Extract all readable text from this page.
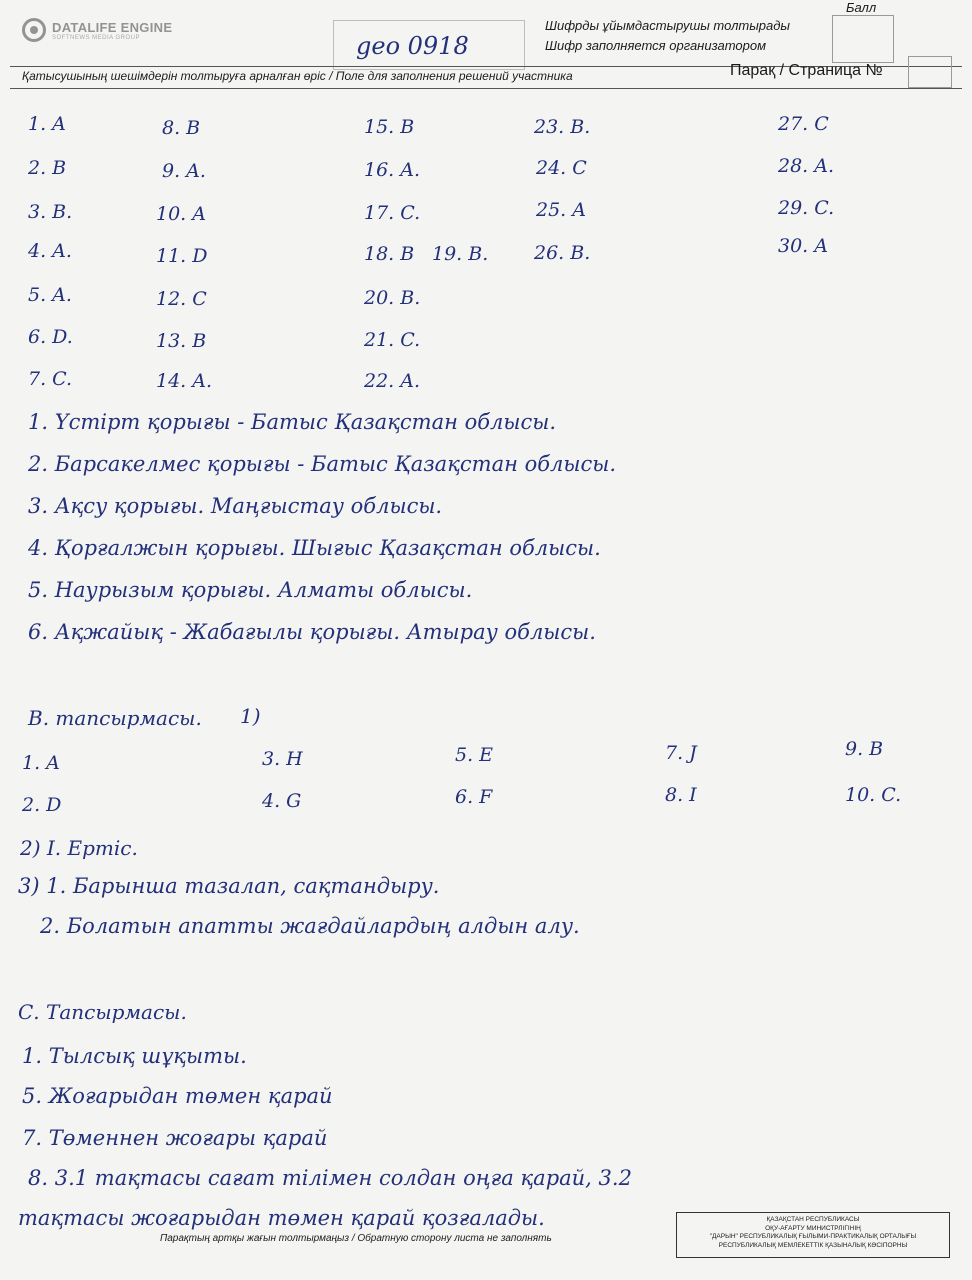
DATALIFE ENGINE
SOFTNEWS MEDIA GROUP	geo 0918
Шифрды ұйымдастырушы толтырады
Шифр заполняется организатором
Балл
Қатысушының шешімдерін толтыруға арналған өріс / Поле для заполнения решений участника	Парақ / Страница №
1. A
2. B
3. B.
4. A.
5. A.
6. D.
7. C.
8. B
9. A.
10. A
11. D
12. C
13. B
14. A.
15. B
16. A.
17. C.
18. B 19. B.
20. B.
21. C.
22. A.
23. B.
24. C
25. A
26. B.
27. C
28. A.
29. C.
30. A
1. Үстірт қорығы - Батыс Қазақстан облысы.
2. Барсакелмес қорығы - Батыс Қазақстан облысы.
3. Ақсу қорығы. Маңғыстау облысы.
4. Қорғалжын қорығы. Шығыс Қазақстан облысы.
5. Наурызым қорығы. Алматы облысы.
6. Ақжайық - Жабағылы қорығы. Атырау облысы.
В. тапсырмасы. 1)
1. A
2. D
3. H
4. G
5. E
6. F
7. J
8. I
9. B
10. C.
2) I. Ертіс.
3) 1. Барынша тазалап, сақтандыру.
2. Болатын апатты жағдайлардың алдын алу.
С. Тапсырмасы.
1. Тылсық шұқыты.
5. Жоғарыдан төмен қарай
7. Төменнен жоғары қарай
8. 3.1 тақтасы сағат тілімен солдан оңға қарай, 3.2
тақтасы жоғарыдан төмен қарай қозғалады.
Парақтың артқы жағын толтырмаңыз / Обратную сторону листа не заполнять
ҚАЗАҚСТАН РЕСПУБЛИКАСЫ
ОҚУ-АҒАРТУ МИНИСТРЛІГІНІҢ
"ДАРЫН" РЕСПУБЛИКАЛЫҚ ҒЫЛЫМИ-ПРАКТИКАЛЫҚ ОРТАЛЫҒЫ
РЕСПУБЛИКАЛЫҚ МЕМЛЕКЕТТІК ҚАЗЫНАЛЫҚ КӘСІПОРНЫ
